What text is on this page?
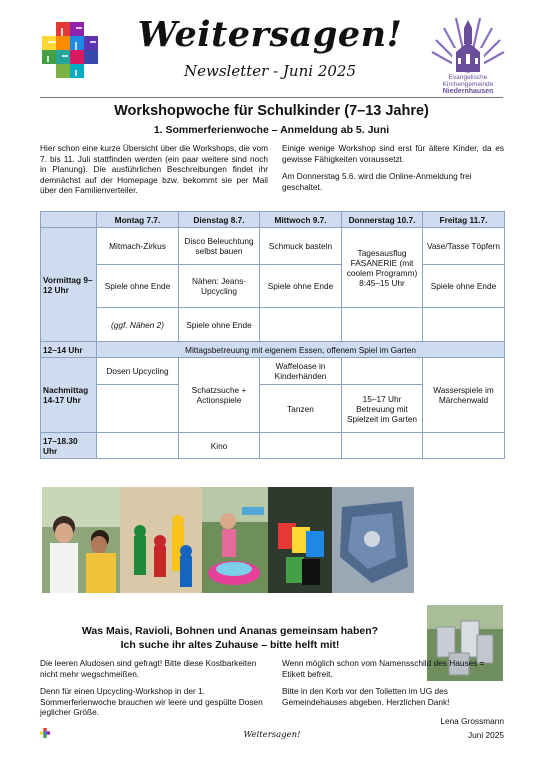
Weitersagen!
Newsletter - Juni 2025	Evangelische
Kirchengemeinde
Niedernhausen
Workshopwoche für Schulkinder (7–13 Jahre)
1. Sommerferienwoche – Anmeldung ab 5. Juni
Hier schon eine kurze Übersicht über die Workshops, die vom 7. bis 11. Juli stattfinden werden (ein paar weitere sind noch in Planung). Die ausführlichen Beschreibungen findet ihr demnächst auf der Homepage bzw. bekommt sie per Mail über den Familienverteiler.
Einige wenige Workshop sind erst für ältere Kinder, da es gewisse Fähigkeiten voraussetzt.
Am Donnerstag 5.6. wird die Online-Anmeldung frei geschaltet.
	Montag 7.7.	Dienstag 8.7.	Mittwoch 9.7.	Donnerstag 10.7.	Freitag 11.7.
Vormittag 9–12 Uhr	Mitmach-Zirkus	Disco Beleuchtung selbst bauen	Schmuck basteln	Tagesausflug FASANERIE (mit coolem Programm) 8:45–15 Uhr	Vase/Tasse Töpfern
	Spiele ohne Ende	Nähen: Jeans-Upcycling	Spiele ohne Ende		Spiele ohne Ende
	(ggf. Nähen 2)	Spiele ohne Ende			
12–14 Uhr	Mittagsbetreuung mit eigenem Essen, offenem Spiel im Garten				
Nachmittag 14-17 Uhr	Dosen Upcycling	Schatzsuche + Actionspiele	Waffeloase in Kinderhänden		Wasserspiele im Märchenwald
			Tanzen	15–17 Uhr Betreuung mit Spielzeit im Garten	
17–18.30 Uhr		Kino			
Was Mais, Ravioli, Bohnen und Ananas gemeinsam haben?
Ich suche ihr altes Zuhause – bitte helft mit!
Die leeren Aludosen sind gefragt! Bitte diese Kostbarkeiten nicht mehr wegschmeißen.
Denn für einen Upcycling-Workshop in der 1. Sommerferienwoche brauchen wir leere und gespülte Dosen jeglicher Größe.
Wenn möglich schon vom Namensschild des Hauses = Etikett befreit.
Bitte in den Korb vor den Toiletten im UG des Gemeindehauses abgeben. Herzlichen Dank!
Lena Grossmann
Weitersagen!	Juni 2025
